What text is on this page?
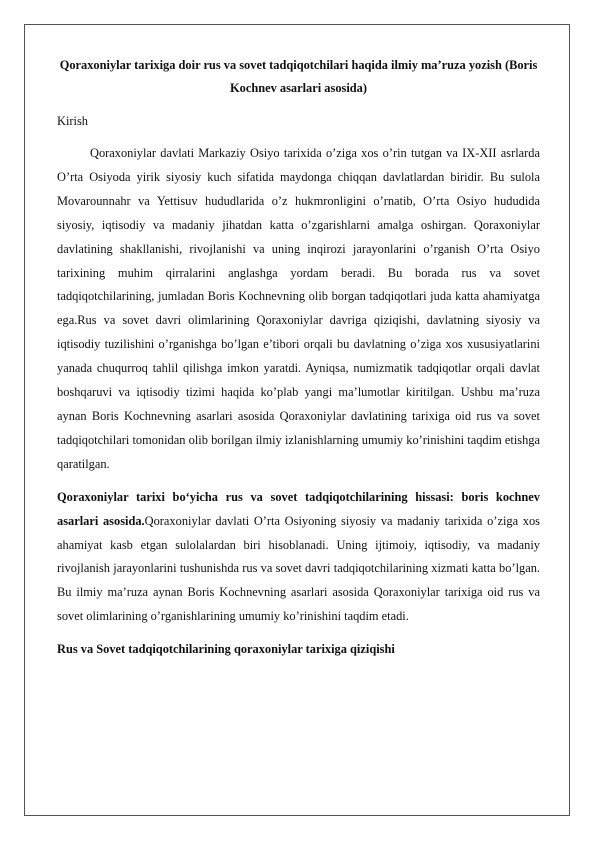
Qoraxoniylar tarixiga doir rus va sovet tadqiqotchilari haqida ilmiy ma’ruza yozish (Boris Kochnev asarlari asosida)

Kirish

Qoraxoniylar davlati Markaziy Osiyo tarixida o’ziga xos o’rin tutgan va IX-XII asrlarda O’rta Osiyoda yirik siyosiy kuch sifatida maydonga chiqqan davlatlardan biridir. Bu sulola Movarounnahr va Yettisuv hududlarida o’z hukmronligini o’rnatib, O’rta Osiyo hududida siyosiy, iqtisodiy va madaniy jihatdan katta o’zgarishlarni amalga oshirgan. Qoraxoniylar davlatining shakllanishi, rivojlanishi va uning inqirozi jarayonlarini o’rganish O’rta Osiyo tarixining muhim qirralarini anglashga yordam beradi. Bu borada rus va sovet tadqiqotchilarining, jumladan Boris Kochnevning olib borgan tadqiqotlari juda katta ahamiyatga ega.Rus va sovet davri olimlarining Qoraxoniylar davriga qiziqishi, davlatning siyosiy va iqtisodiy tuzilishini o’rganishga bo’lgan e’tibori orqali bu davlatning o’ziga xos xususiyatlarini yanada chuqurroq tahlil qilishga imkon yaratdi. Ayniqsa, numizmatik tadqiqotlar orqali davlat boshqaruvi va iqtisodiy tizimi haqida ko’plab yangi ma’lumotlar kiritilgan. Ushbu ma’ruza aynan Boris Kochnevning asarlari asosida Qoraxoniylar davlatining tarixiga oid rus va sovet tadqiqotchilari tomonidan olib borilgan ilmiy izlanishlarning umumiy ko’rinishini taqdim etishga qaratilgan.

Qoraxoniylar tarixi bo‘yicha rus va sovet tadqiqotchilarining hissasi: boris kochnev asarlari asosida.Qoraxoniylar davlati O’rta Osiyoning siyosiy va madaniy tarixida o’ziga xos ahamiyat kasb etgan sulolalardan biri hisoblanadi. Uning ijtimoiy, iqtisodiy, va madaniy rivojlanish jarayonlarini tushunishda rus va sovet davri tadqiqotchilarining xizmati katta bo’lgan. Bu ilmiy ma’ruza aynan Boris Kochnevning asarlari asosida Qoraxoniylar tarixiga oid rus va sovet olimlarining o’rganishlarining umumiy ko’rinishini taqdim etadi.

Rus va Sovet tadqiqotchilarining qoraxoniylar tarixiga qiziqishi
